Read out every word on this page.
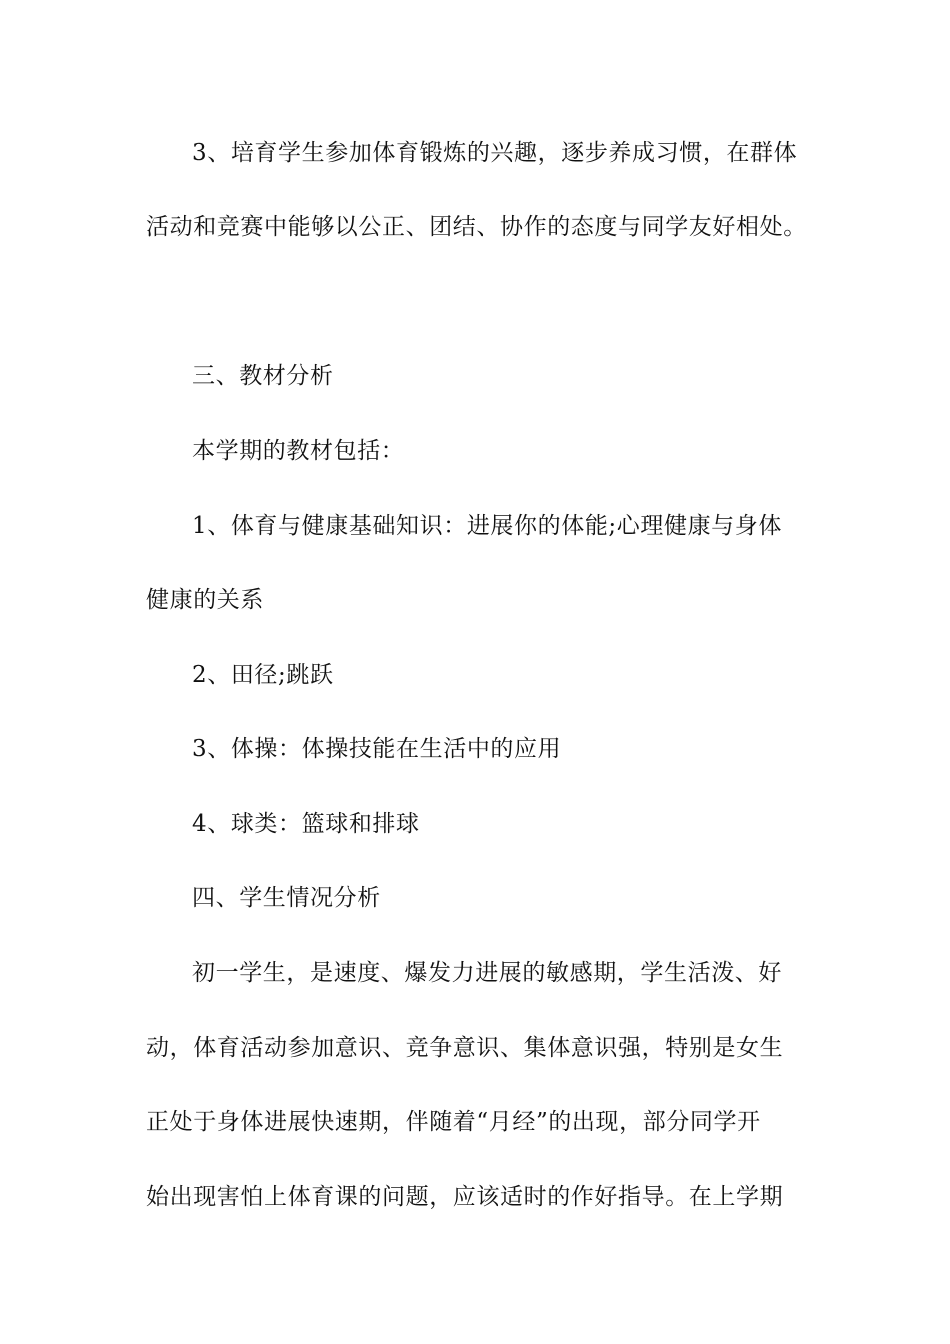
3、培育学生参加体育锻炼的兴趣，逐步养成习惯，在群体
活动和竞赛中能够以公正、团结、协作的态度与同学友好相处。
三、教材分析
本学期的教材包括：
1、体育与健康基础知识：进展你的体能;心理健康与身体
健康的关系
2、田径;跳跃
3、体操：体操技能在生活中的应用
4、球类：篮球和排球
四、学生情况分析
初一学生，是速度、爆发力进展的敏感期，学生活泼、好
动，体育活动参加意识、竞争意识、集体意识强，特别是女生
正处于身体进展快速期，伴随着“月经”的出现，部分同学开
始出现害怕上体育课的问题，应该适时的作好指导。在上学期
